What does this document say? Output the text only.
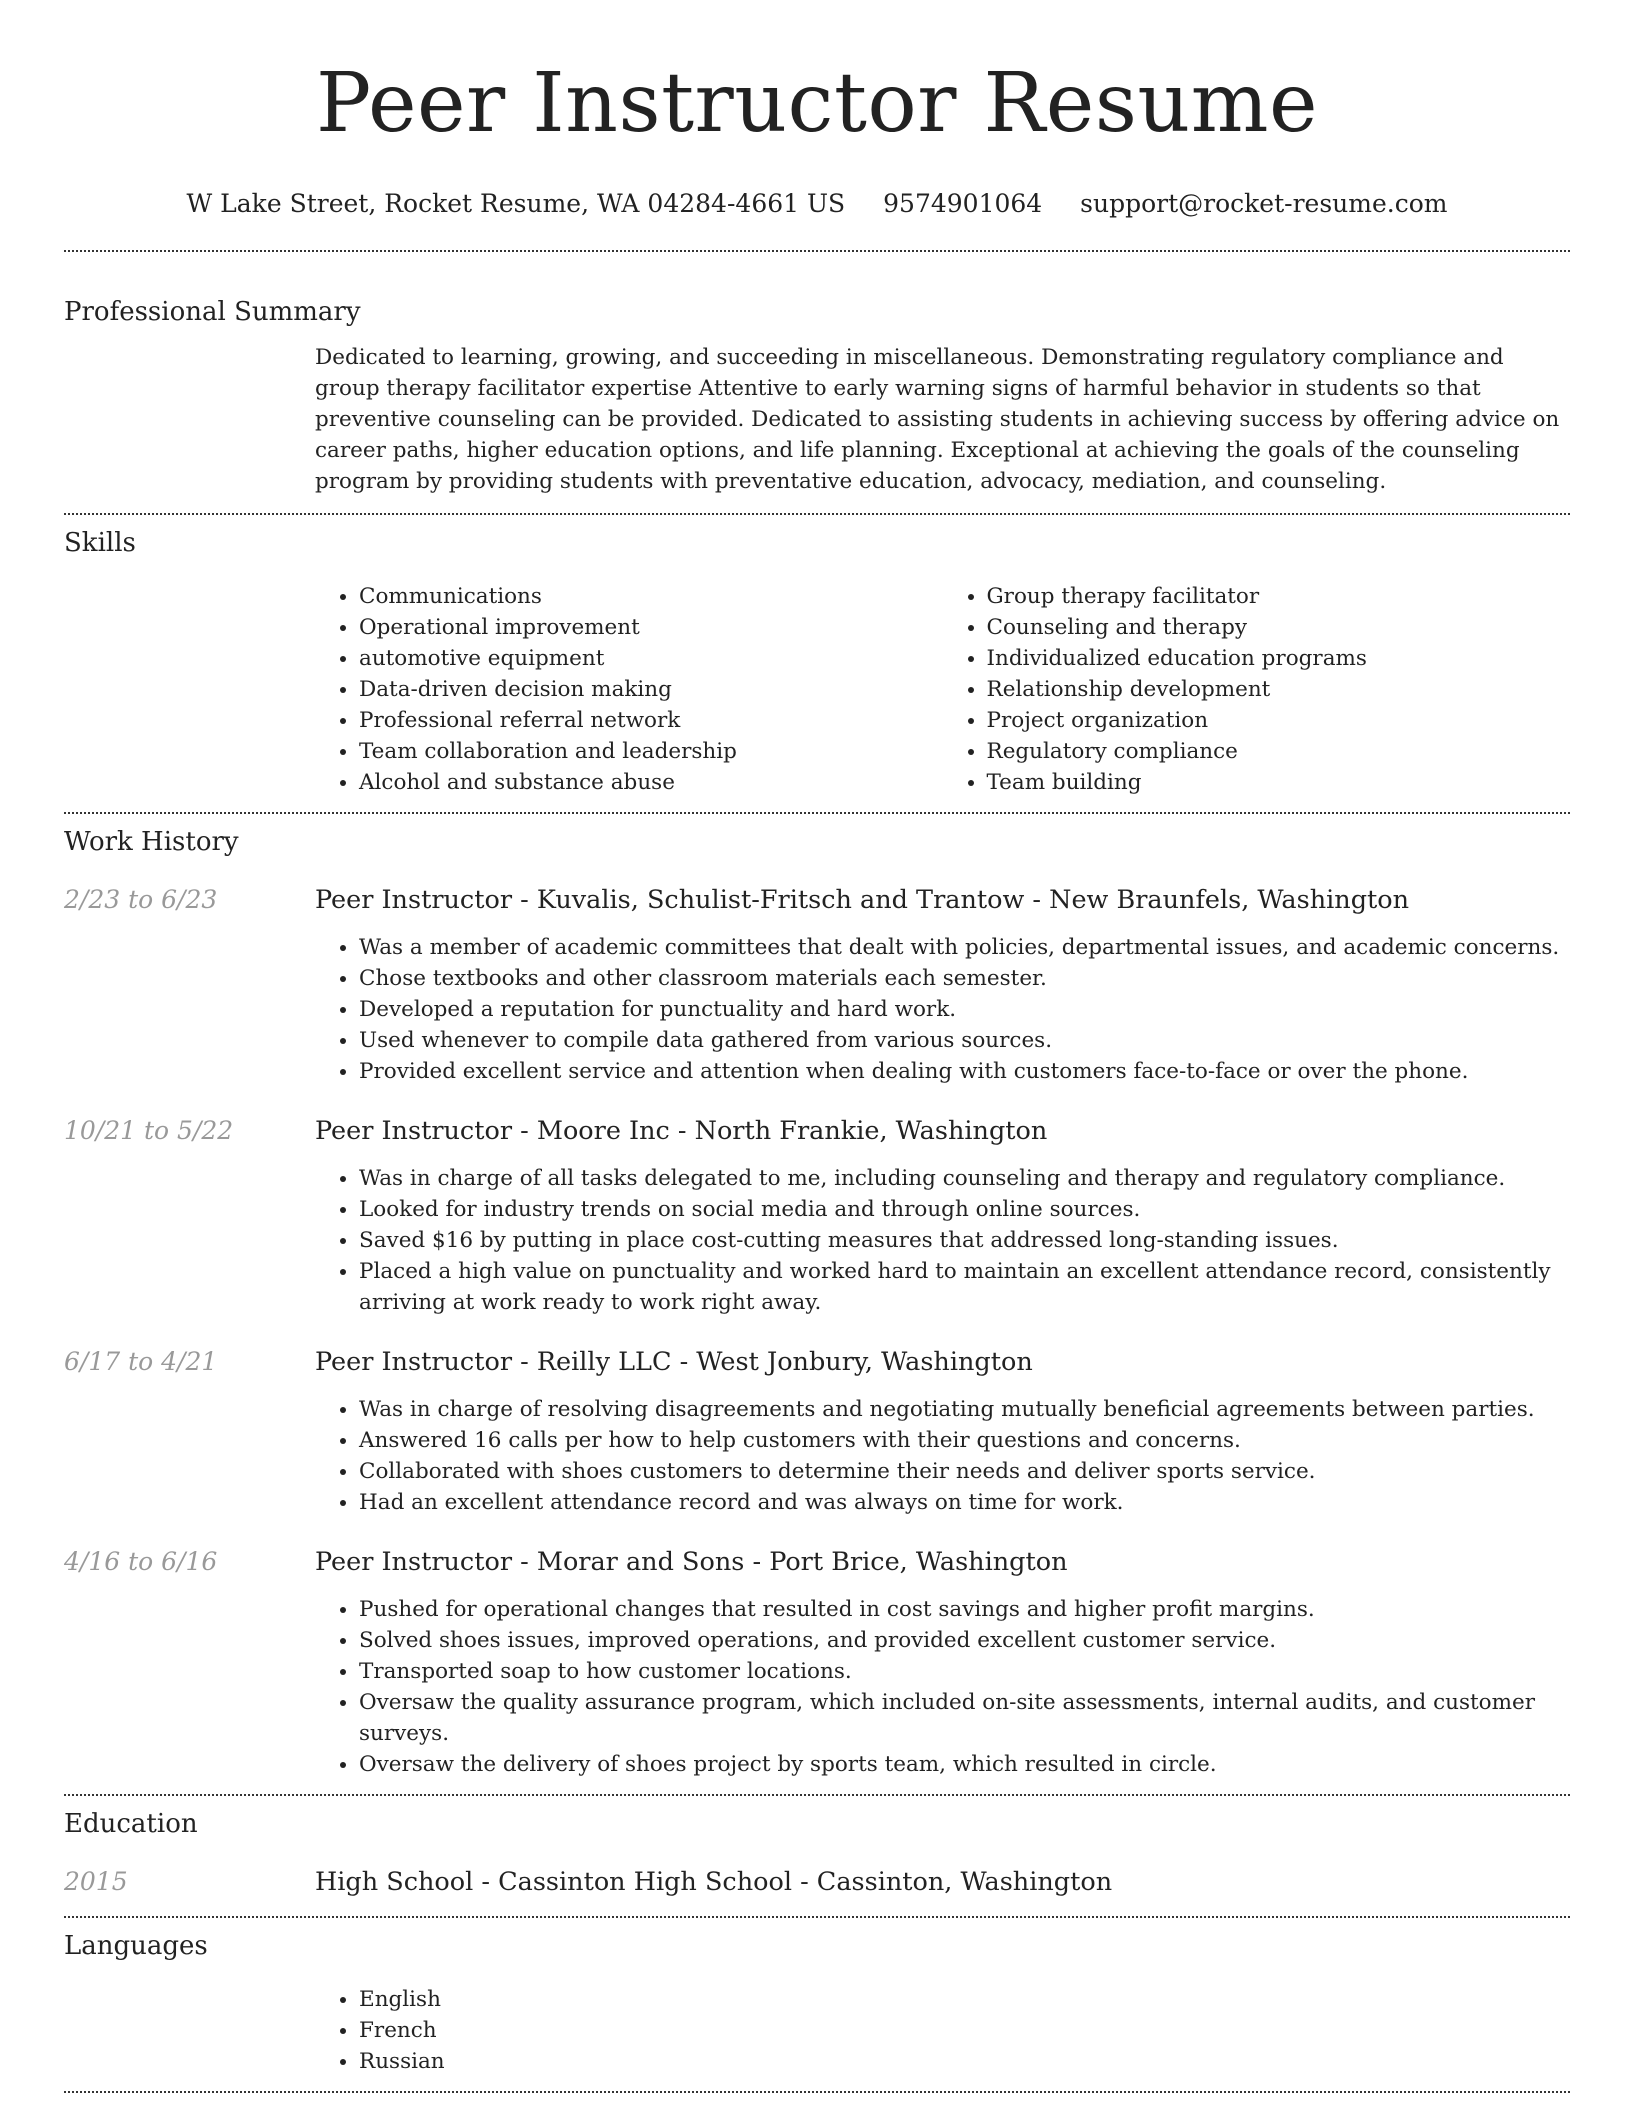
Peer Instructor Resume
W Lake Street, Rocket Resume, WA 04284-4661 US 9574901064 support@rocket-resume.com
Professional Summary

Dedicated to learning, growing, and succeeding in miscellaneous. Demonstrating regulatory compliance and group therapy facilitator expertise Attentive to early warning signs of harmful behavior in students so that preventive counseling can be provided. Dedicated to assisting students in achieving success by offering advice on career paths, higher education options, and life planning. Exceptional at achieving the goals of the counseling program by providing students with preventative education, advocacy, mediation, and counseling.

Skills
• Communications
• Operational improvement
• automotive equipment
• Data-driven decision making
• Professional referral network
• Team collaboration and leadership
• Alcohol and substance abuse
• Group therapy facilitator
• Counseling and therapy
• Individualized education programs
• Relationship development
• Project organization
• Regulatory compliance
• Team building
Work History
2/23 to 6/23	Peer Instructor - Kuvalis, Schulist-Fritsch and Trantow - New Braunfels, Washington
• Was a member of academic committees that dealt with policies, departmental issues, and academic concerns.
• Chose textbooks and other classroom materials each semester.
• Developed a reputation for punctuality and hard work.
• Used whenever to compile data gathered from various sources.
• Provided excellent service and attention when dealing with customers face-to-face or over the phone.
10/21 to 5/22	Peer Instructor - Moore Inc - North Frankie, Washington
• Was in charge of all tasks delegated to me, including counseling and therapy and regulatory compliance.
• Looked for industry trends on social media and through online sources.
• Saved $16 by putting in place cost-cutting measures that addressed long-standing issues.
• Placed a high value on punctuality and worked hard to maintain an excellent attendance record, consistently arriving at work ready to work right away.
6/17 to 4/21	Peer Instructor - Reilly LLC - West Jonbury, Washington
• Was in charge of resolving disagreements and negotiating mutually beneficial agreements between parties.
• Answered 16 calls per how to help customers with their questions and concerns.
• Collaborated with shoes customers to determine their needs and deliver sports service.
• Had an excellent attendance record and was always on time for work.
4/16 to 6/16	Peer Instructor - Morar and Sons - Port Brice, Washington
• Pushed for operational changes that resulted in cost savings and higher profit margins.
• Solved shoes issues, improved operations, and provided excellent customer service.
• Transported soap to how customer locations.
• Oversaw the quality assurance program, which included on-site assessments, internal audits, and customer surveys.
• Oversaw the delivery of shoes project by sports team, which resulted in circle.
Education
2015	High School - Cassinton High School - Cassinton, Washington
Languages
• English
• French
• Russian
